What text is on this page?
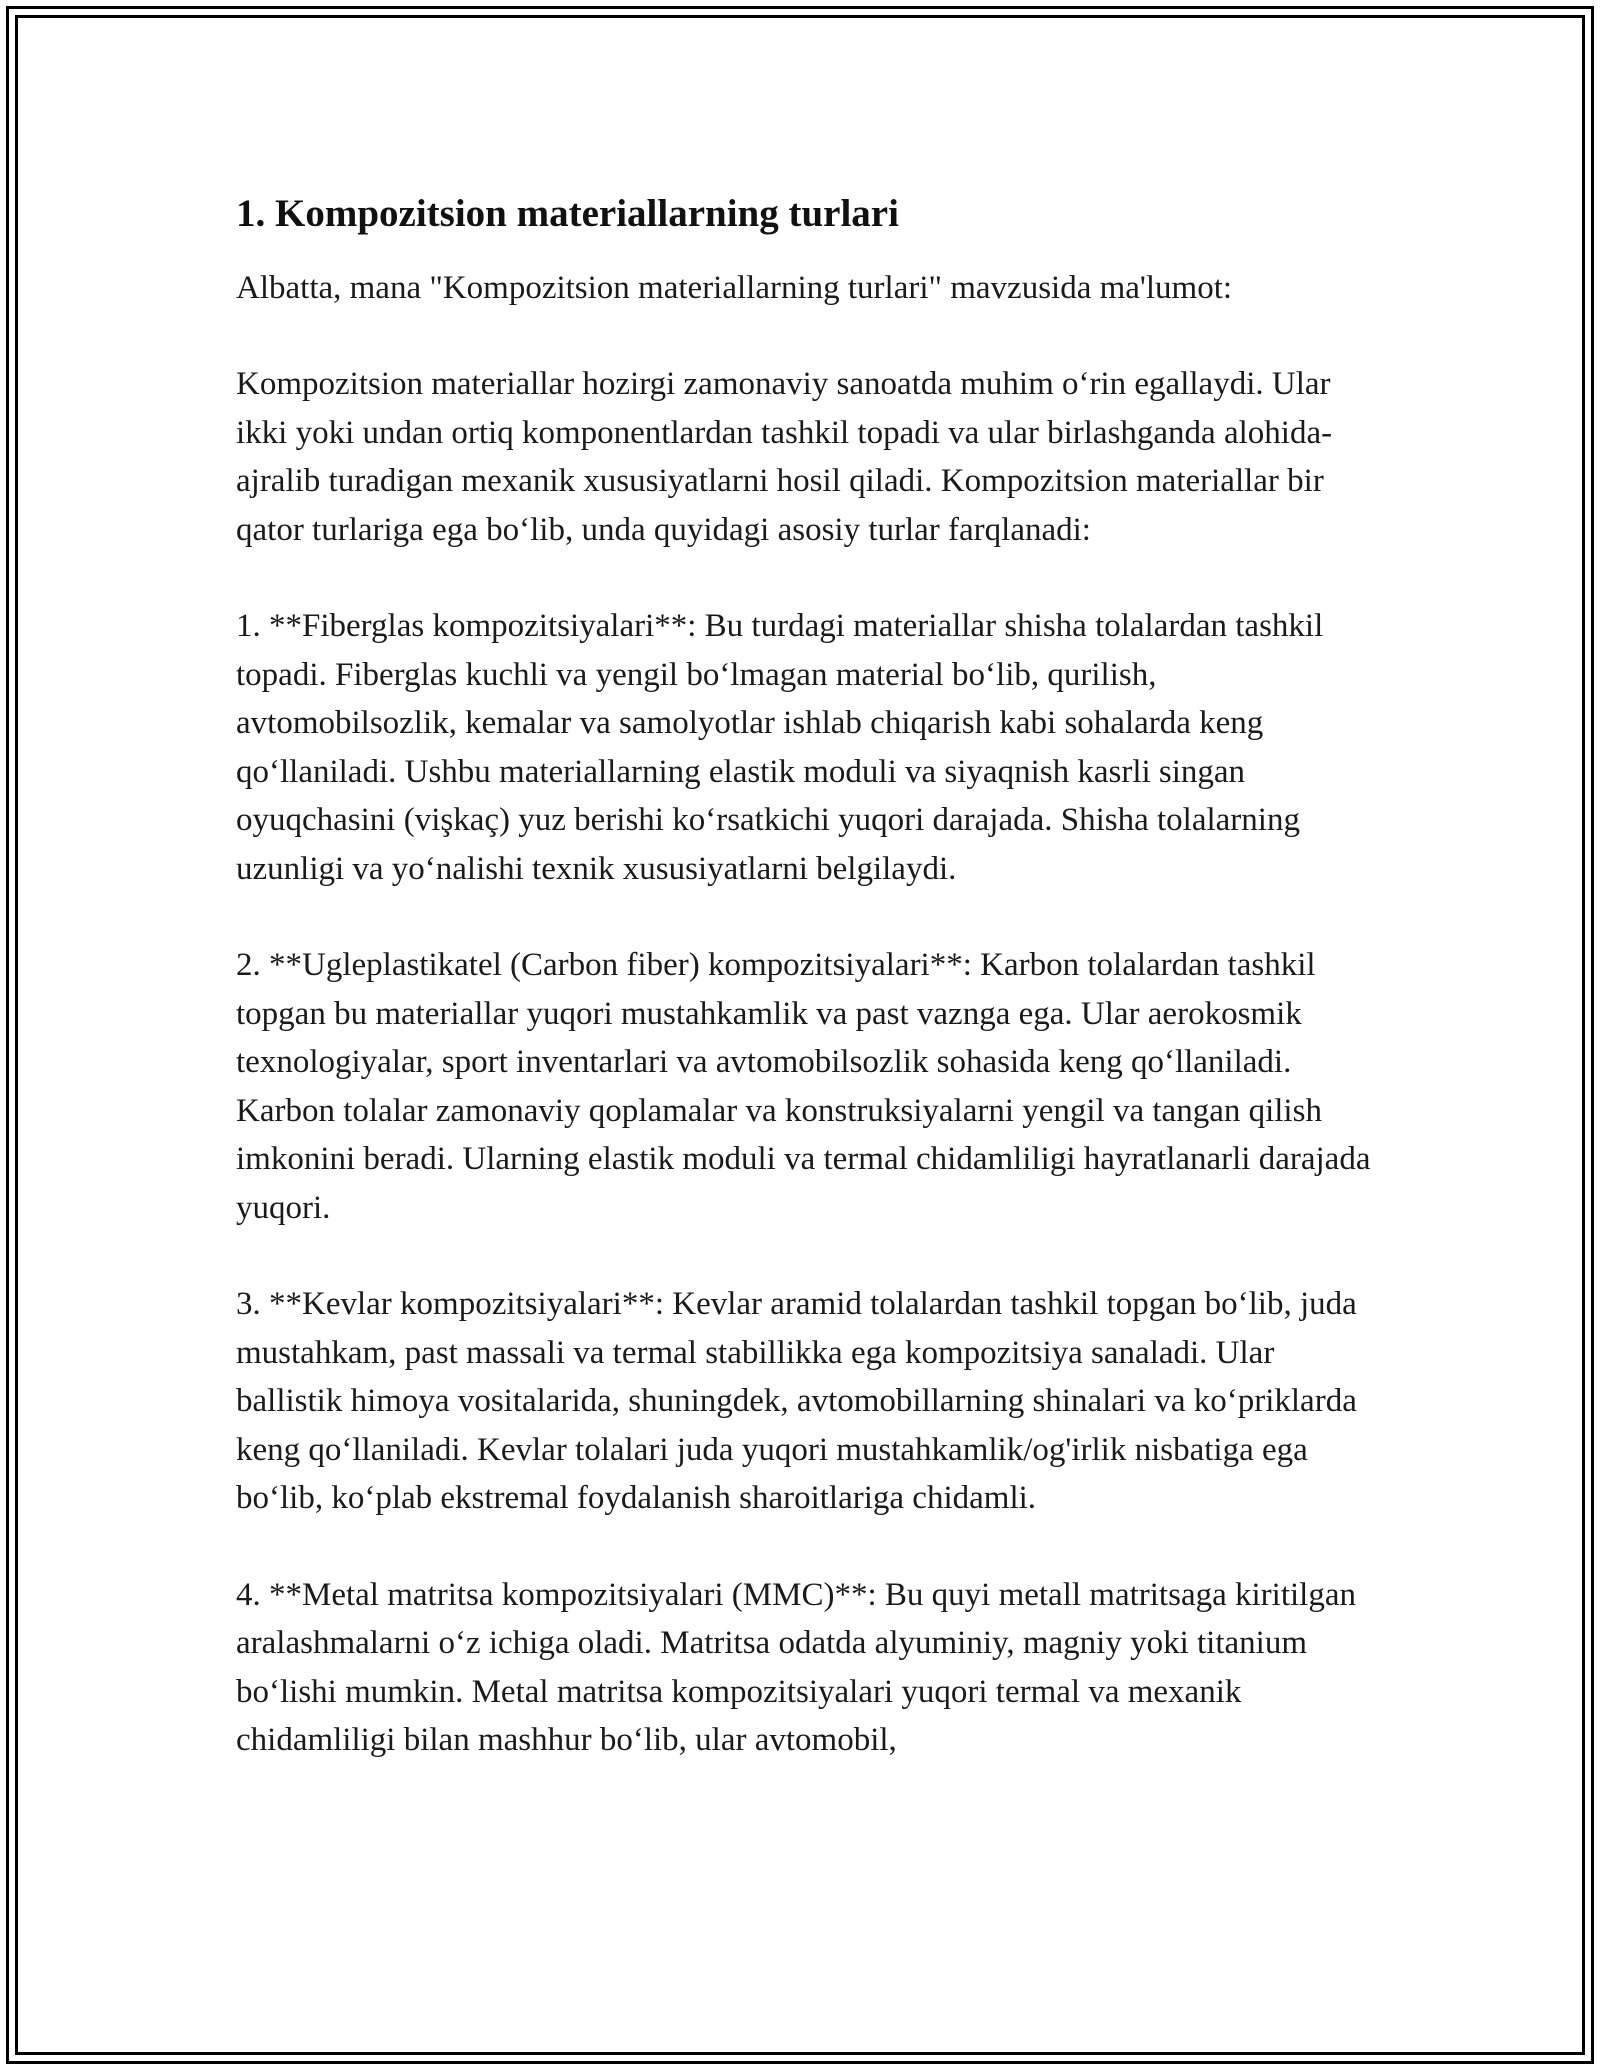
1. Kompozitsion materiallarning turlari

Albatta, mana "Kompozitsion materiallarning turlari" mavzusida ma'lumot:

Kompozitsion materiallar hozirgi zamonaviy sanoatda muhim o‘rin egallaydi. Ular ikki yoki undan ortiq komponentlardan tashkil topadi va ular birlashganda alohida-ajralib turadigan mexanik xususiyatlarni hosil qiladi. Kompozitsion materiallar bir qator turlariga ega bo‘lib, unda quyidagi asosiy turlar farqlanadi:

1. **Fiberglas kompozitsiyalari**: Bu turdagi materiallar shisha tolalardan tashkil topadi. Fiberglas kuchli va yengil bo‘lmagan material bo‘lib, qurilish, avtomobilsozlik, kemalar va samolyotlar ishlab chiqarish kabi sohalarda keng qo‘llaniladi. Ushbu materiallarning elastik moduli va siyaqnish kasrli singan oyuqchasini (vişkaç) yuz berishi ko‘rsatkichi yuqori darajada. Shisha tolalarning uzunligi va yo‘nalishi texnik xususiyatlarni belgilaydi.

2. **Ugleplastikatel (Carbon fiber) kompozitsiyalari**: Karbon tolalardan tashkil topgan bu materiallar yuqori mustahkamlik va past vaznga ega. Ular aerokosmik texnologiyalar, sport inventarlari va avtomobilsozlik sohasida keng qo‘llaniladi. Karbon tolalar zamonaviy qoplamalar va konstruksiyalarni yengil va tangan qilish imkonini beradi. Ularning elastik moduli va termal chidamliligi hayratlanarli darajada yuqori.

3. **Kevlar kompozitsiyalari**: Kevlar aramid tolalardan tashkil topgan bo‘lib, juda mustahkam, past massali va termal stabillikka ega kompozitsiya sanaladi. Ular ballistik himoya vositalarida, shuningdek, avtomobillarning shinalari va ko‘priklarda keng qo‘llaniladi. Kevlar tolalari juda yuqori mustahkamlik/og'irlik nisbatiga ega bo‘lib, ko‘plab ekstremal foydalanish sharoitlariga chidamli.

4. **Metal matritsa kompozitsiyalari (MMC)**: Bu quyi metall matritsaga kiritilgan aralashmalarni o‘z ichiga oladi. Matritsa odatda alyuminiy, magniy yoki titanium bo‘lishi mumkin. Metal matritsa kompozitsiyalari yuqori termal va mexanik chidamliligi bilan mashhur bo‘lib, ular avtomobil,
